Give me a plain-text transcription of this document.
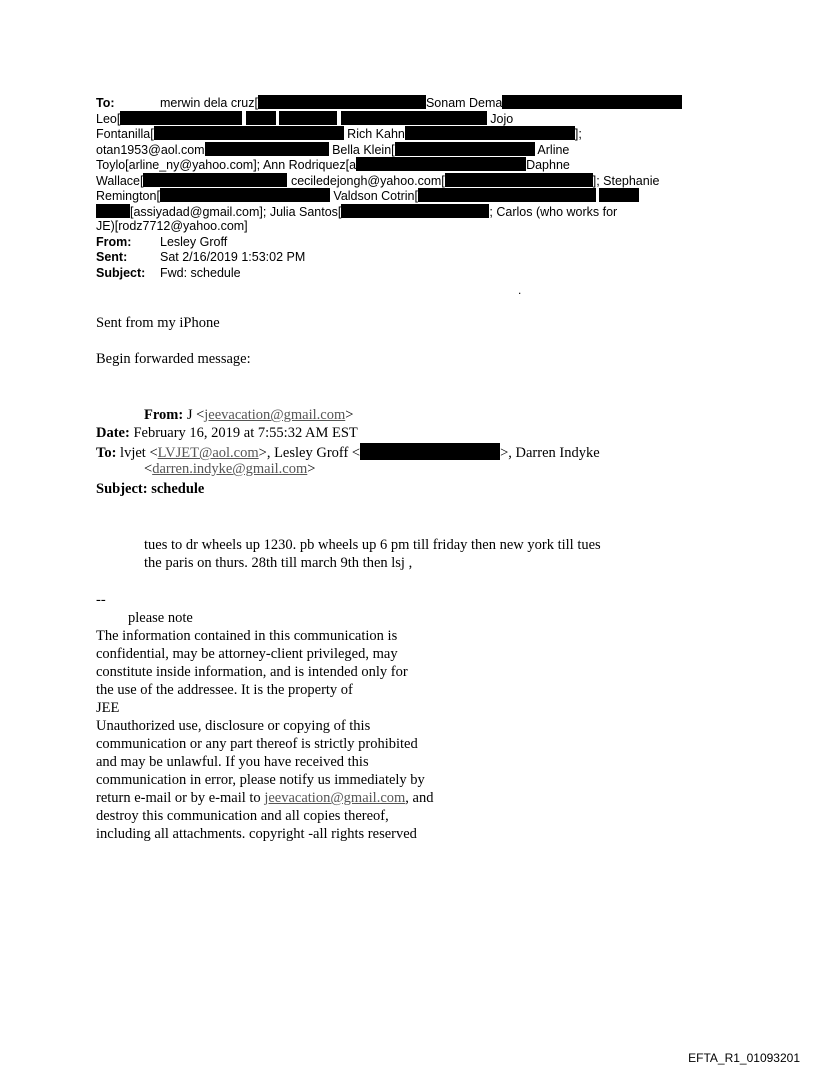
To:	merwin dela cruz[	Sonam Dema
Leo[	Jojo
Fontanilla[	Rich Kahn	];
otan1953@aol.com	Bella Klein[	Arline
Toylo[arline_ny@yahoo.com]; Ann Rodriquez[a	Daphne
Wallace[	ceciledejongh@yahoo.com[	]; Stephanie
Remington[	Valdson Cotrin[
[assiyadad@gmail.com]; Julia Santos[	; Carlos (who works for
JE)[rodz7712@yahoo.com]
From: Lesley Groff
Sent:	Sat 2/16/2019 1:53:02 PM
Subject: Fwd: schedule
.
Sent from my iPhone
Begin forwarded message:
From: J <jeevacation@gmail.com>
Date: February 16, 2019 at 7:55:32 AM EST
To: lvjet <LVJET@aol.com>, Lesley Groff <	>, Darren Indyke
<darren.indyke@gmail.com>
Subject: schedule
tues to dr wheels up 1230. pb wheels up 6 pm till friday then new york till tues
the paris on thurs. 28th till march 9th then lsj ,
--
please note
The information contained in this communication is
confidential, may be attorney-client privileged, may
constitute inside information, and is intended only for
the use of the addressee. It is the property of
JEE
Unauthorized use, disclosure or copying of this
communication or any part thereof is strictly prohibited
and may be unlawful. If you have received this
communication in error, please notify us immediately by
return e-mail or by e-mail to jeevacation@gmail.com, and
destroy this communication and all copies thereof,
including all attachments. copyright -all rights reserved
EFTA_R1_01093201
